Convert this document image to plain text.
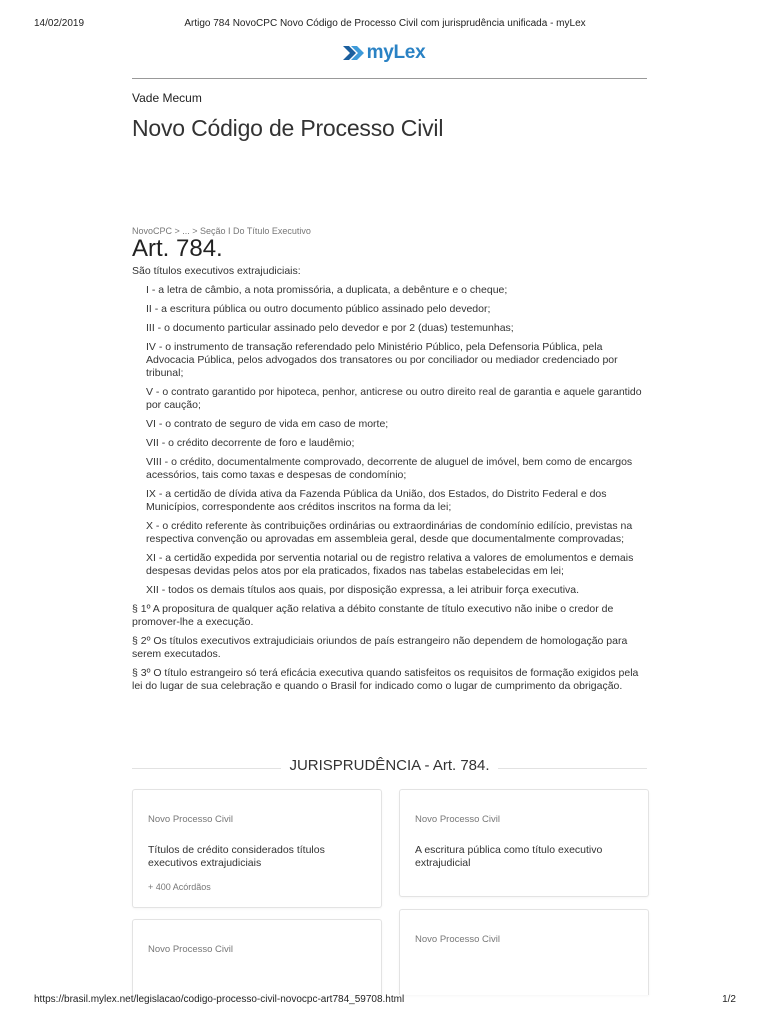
14/02/2019	Artigo 784 NovoCPC Novo Código de Processo Civil com jurisprudência unificada - myLex
myLex
Vade Mecum
Novo Código de Processo Civil
NovoCPC > ... > Seção I Do Título Executivo
Art. 784.
São títulos executivos extrajudiciais:
I - a letra de câmbio, a nota promissória, a duplicata, a debênture e o cheque;
II - a escritura pública ou outro documento público assinado pelo devedor;
III - o documento particular assinado pelo devedor e por 2 (duas) testemunhas;
IV - o instrumento de transação referendado pelo Ministério Público, pela Defensoria Pública, pela Advocacia Pública, pelos advogados dos transatores ou por conciliador ou mediador credenciado por tribunal;
V - o contrato garantido por hipoteca, penhor, anticrese ou outro direito real de garantia e aquele garantido por caução;
VI - o contrato de seguro de vida em caso de morte;
VII - o crédito decorrente de foro e laudêmio;
VIII - o crédito, documentalmente comprovado, decorrente de aluguel de imóvel, bem como de encargos acessórios, tais como taxas e despesas de condomínio;
IX - a certidão de dívida ativa da Fazenda Pública da União, dos Estados, do Distrito Federal e dos Municípios, correspondente aos créditos inscritos na forma da lei;
X - o crédito referente às contribuições ordinárias ou extraordinárias de condomínio edilício, previstas na respectiva convenção ou aprovadas em assembleia geral, desde que documentalmente comprovadas;
XI - a certidão expedida por serventia notarial ou de registro relativa a valores de emolumentos e demais despesas devidas pelos atos por ela praticados, fixados nas tabelas estabelecidas em lei;
XII - todos os demais títulos aos quais, por disposição expressa, a lei atribuir força executiva.
§ 1º A propositura de qualquer ação relativa a débito constante de título executivo não inibe o credor de promover-lhe a execução.
§ 2º Os títulos executivos extrajudiciais oriundos de país estrangeiro não dependem de homologação para serem executados.
§ 3º O título estrangeiro só terá eficácia executiva quando satisfeitos os requisitos de formação exigidos pela lei do lugar de sua celebração e quando o Brasil for indicado como o lugar de cumprimento da obrigação.
JURISPRUDÊNCIA - Art. 784.
Novo Processo Civil
Títulos de crédito considerados títulos executivos extrajudiciais
+ 400 Acórdãos
Novo Processo Civil
A escritura pública como título executivo extrajudicial
Novo Processo Civil
Novo Processo Civil
https://brasil.mylex.net/legislacao/codigo-processo-civil-novocpc-art784_59708.html	1/2
